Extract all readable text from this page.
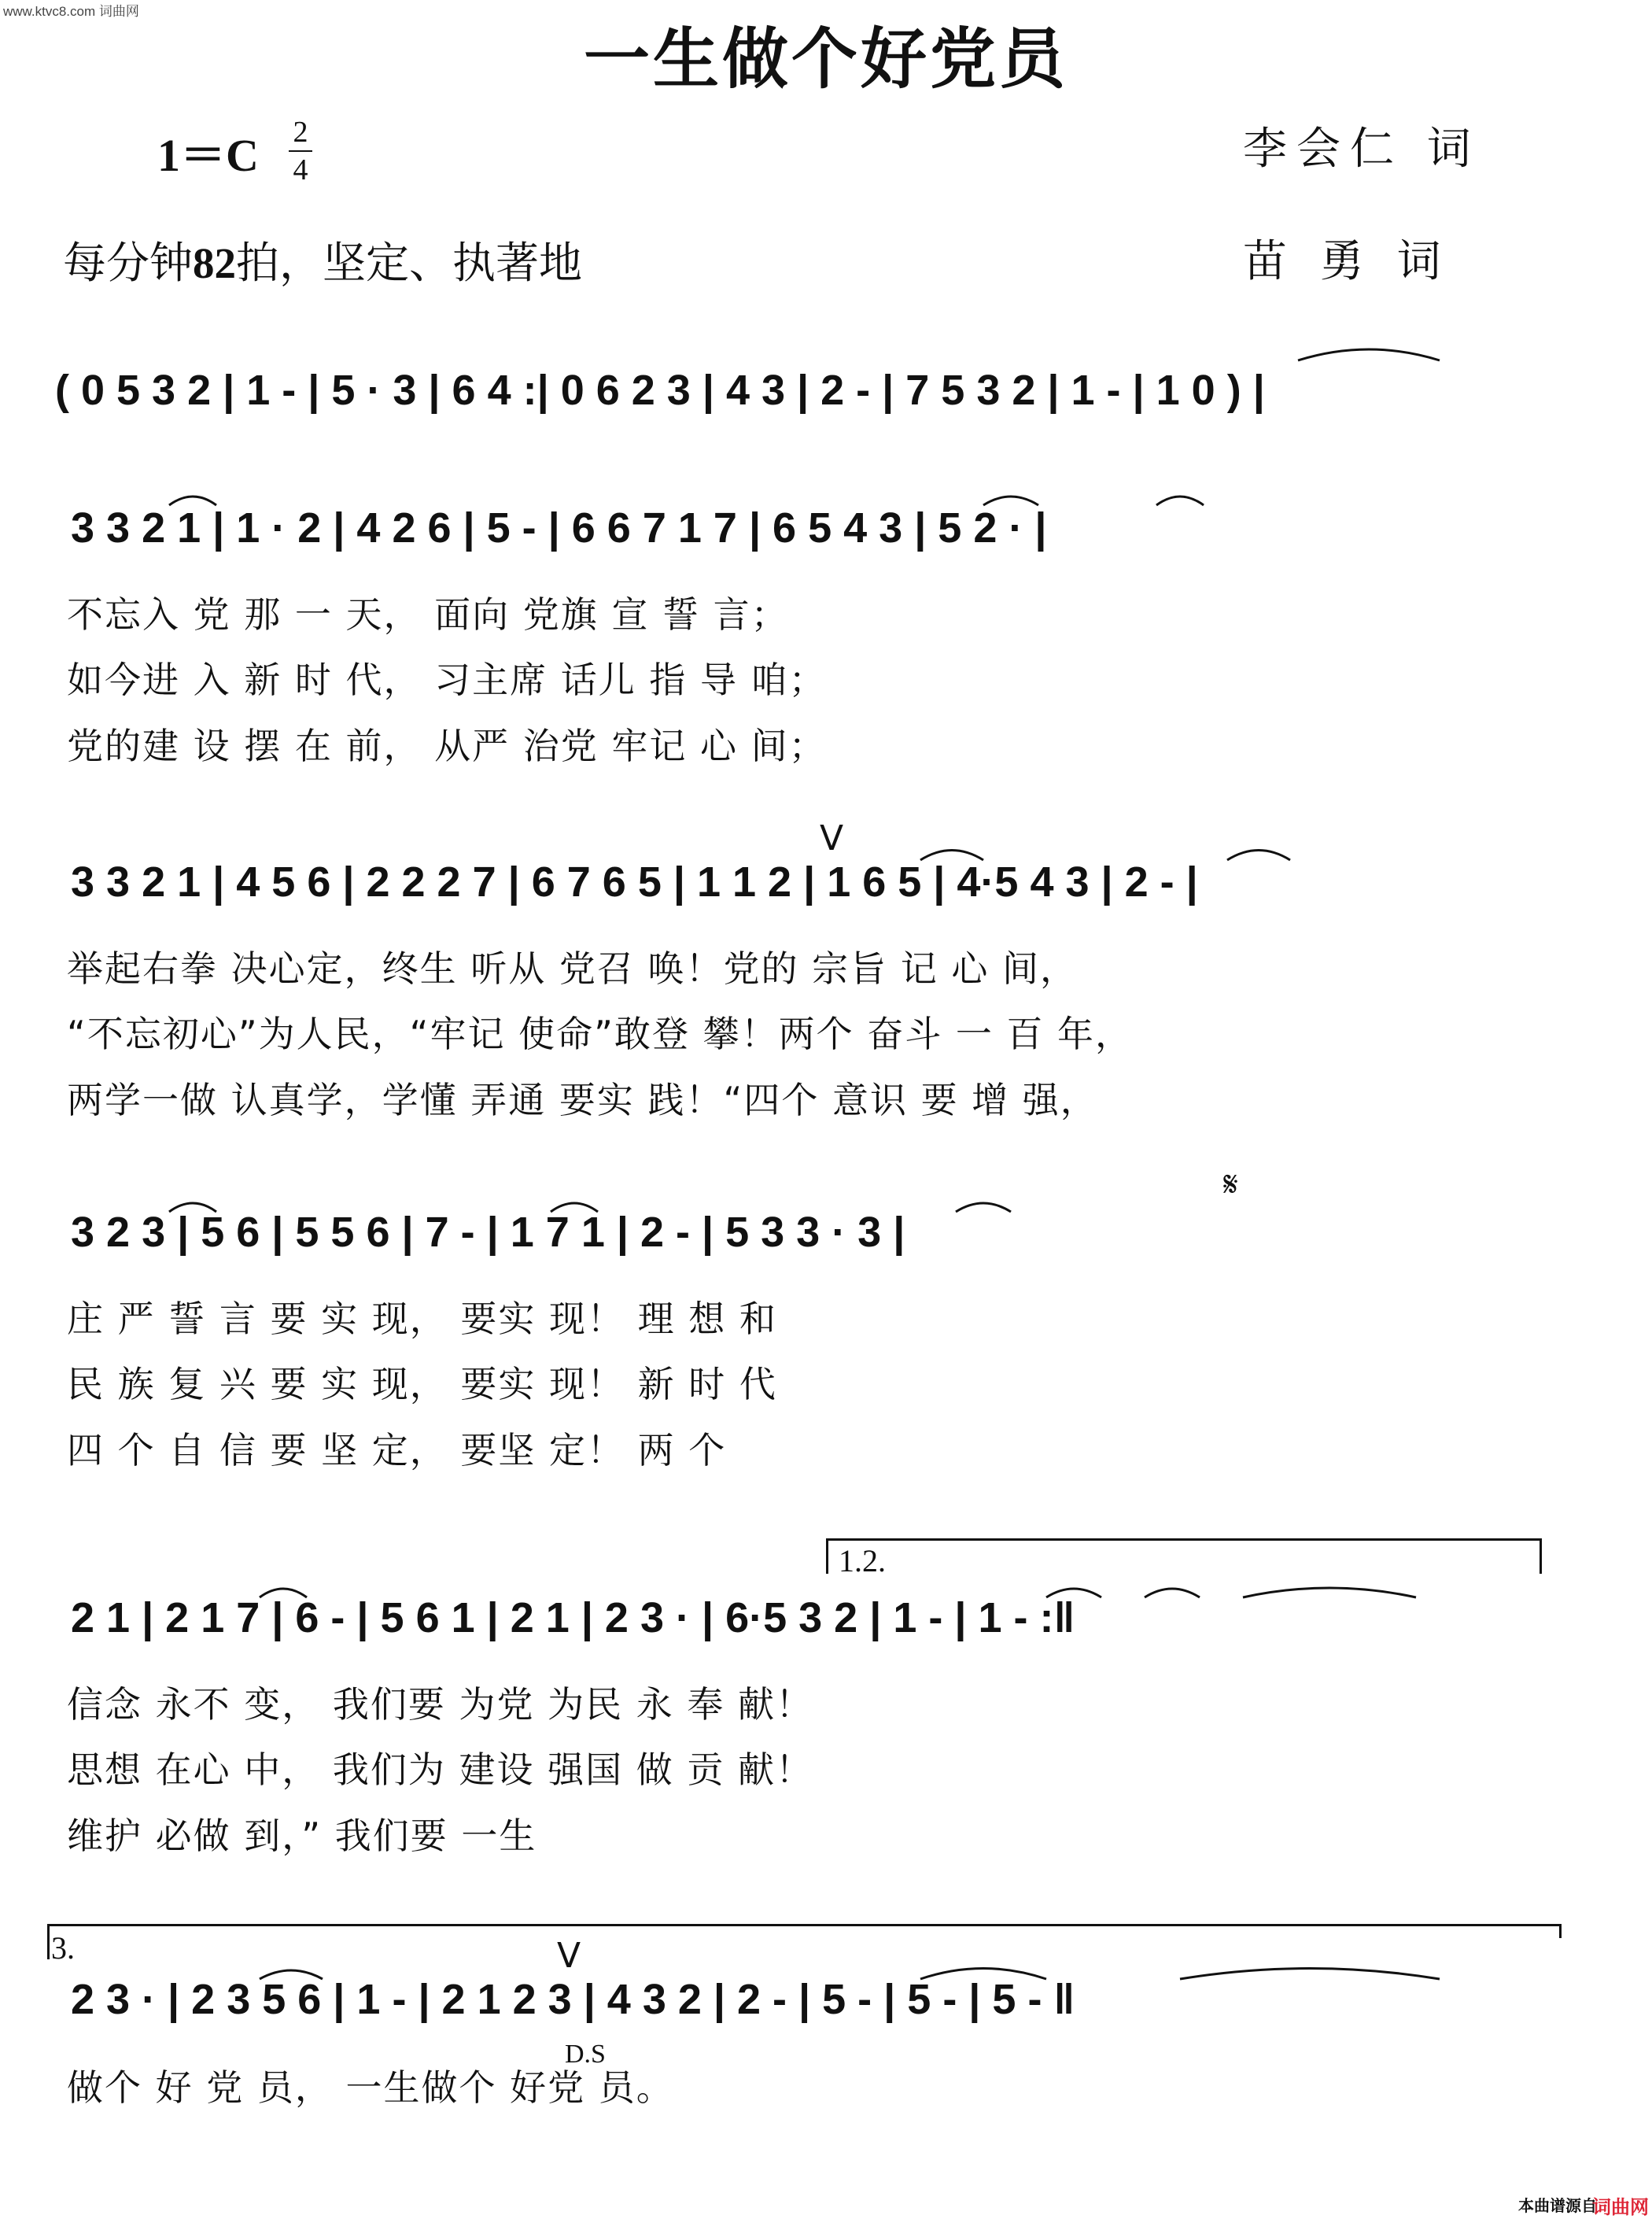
www.ktvc8.com 词曲网
一生做个好党员
1＝C 2
4
每分钟82拍，坚定、执著地
李会仁 词
苗 勇 词
( 0 5 3 2 | 1 - | 5 · 3 | 6 4 :| 0 6 2 3 | 4 3 | 2 - | 7 5 3 2 | 1 - | 1 0 ) |
3 3 2 1 | 1 · 2 | 4 2 6 | 5 - | 6 6 7 1 7 | 6 5 4 3 | 5 2 · |
不忘入 党 那 一 天， 面向 党旗 宣 誓 言；
如今进 入 新 时 代， 习主席 话儿 指 导 咱；
党的建 设 摆 在 前， 从严 治党 牢记 心 间；
V
3 3 2 1 | 4 5 6 | 2 2 2 7 | 6 7 6 5 | 1 1 2 | 1 6 5 | 4·5 4 3 | 2 - |
举起右拳 决心定，终生 听从 党召 唤！党的 宗旨 记 心 间，
“不忘初心”为人民，“牢记 使命”敢登 攀！两个 奋斗 一 百 年，
两学一做 认真学，学懂 弄通 要实 践！“四个 意识 要 增 强，
𝄋
3 2 3 | 5 6 | 5 5 6 | 7 - | 1 7 1 | 2 - | 5 3 3 · 3 |
庄 严 誓 言 要 实 现， 要实 现！ 理 想 和
民 族 复 兴 要 实 现， 要实 现！ 新 时 代
四 个 自 信 要 坚 定， 要坚 定！ 两 个
1.2.
2 1 | 2 1 7 | 6 - | 5 6 1 | 2 1 | 2 3 · | 6·5 3 2 | 1 - | 1 - :‖
信念 永不 变， 我们要 为党 为民 永 奉 献！
思想 在心 中， 我们为 建设 强国 做 贡 献！
维护 必做 到，” 我们要 一生
3.	V
2 3 · | 2 3 5 6 | 1 - | 2 1 2 3 | 4 3 2 | 2 - | 5 - | 5 - | 5 - ‖
D.S
做个 好 党 员， 一生做个 好党 员。
本曲谱源自
词曲网
